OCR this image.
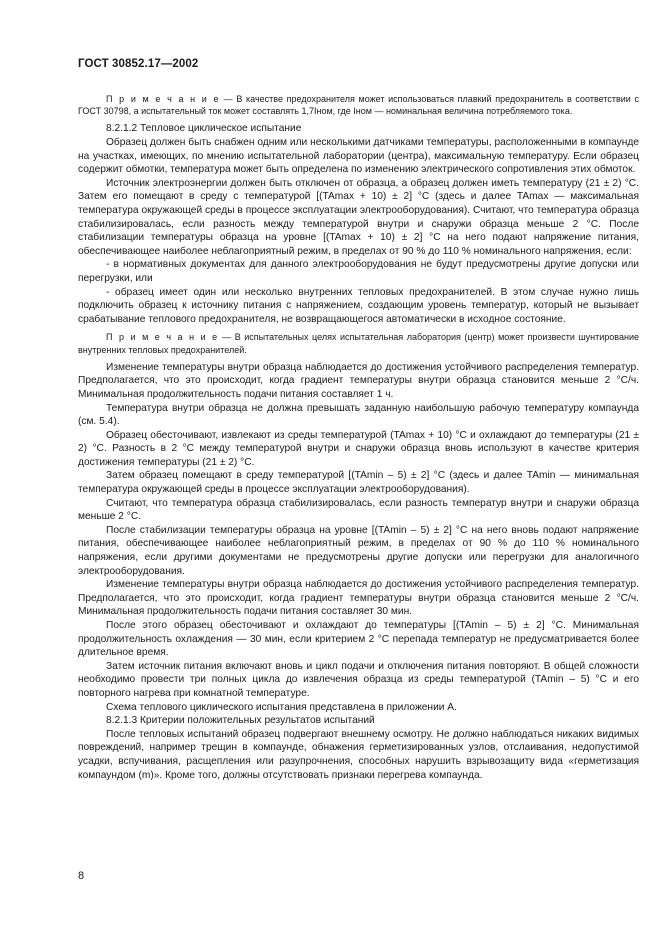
ГОСТ 30852.17—2002

П р и м е ч а н и е — В качестве предохранителя может использоваться плавкий предохранитель в соответствии с ГОСТ 30798, а испытательный ток может составлять 1,7Iном, где Iном — номинальная величина потребляемого тока.

8.2.1.2 Тепловое циклическое испытание

Образец должен быть снабжен одним или несколькими датчиками температуры, расположенными в компаунде на участках, имеющих, по мнению испытательной лаборатории (центра), максимальную температуру. Если образец содержит обмотки, температура может быть определена по изменению электрического сопротивления этих обмоток.

Источник электроэнергии должен быть отключен от образца, а образец должен иметь температуру (21 ± 2) °C. Затем его помещают в среду с температурой [(TAmax + 10) ± 2] °C (здесь и далее TAmax — максимальная температура окружающей среды в процессе эксплуатации электрооборудования). Считают, что температура образца стабилизировалась, если разность между температурой внутри и снаружи образца меньше 2 °C. После стабилизации температуры образца на уровне [(TAmax + 10) ± 2] °C на него подают напряжение питания, обеспечивающее наиболее неблагоприятный режим, в пределах от 90 % до 110 % номинального напряжения, если:

- в нормативных документах для данного электрооборудования не будут предусмотрены другие допуски или перегрузки, или

- образец имеет один или несколько внутренних тепловых предохранителей. В этом случае нужно лишь подключить образец к источнику питания с напряжением, создающим уровень температур, который не вызывает срабатывание теплового предохранителя, не возвращающегося автоматически в исходное состояние.

П р и м е ч а н и е — В испытательных целях испытательная лаборатория (центр) может произвести шунтирование внутренних тепловых предохранителей.

Изменение температуры внутри образца наблюдается до достижения устойчивого распределения температур. Предполагается, что это происходит, когда градиент температуры внутри образца становится меньше 2 °C/ч. Минимальная продолжительность подачи питания составляет 1 ч.

Температура внутри образца не должна превышать заданную наибольшую рабочую температуру компаунда (см. 5.4).

Образец обесточивают, извлекают из среды температурой (TAmax + 10) °C и охлаждают до температуры (21 ± 2) °C. Разность в 2 °C между температурой внутри и снаружи образца вновь используют в качестве критерия достижения температуры (21 ± 2) °C.

Затем образец помещают в среду температурой [(TAmin – 5) ± 2] °C (здесь и далее TAmin — минимальная температура окружающей среды в процессе эксплуатации электрооборудования).

Считают, что температура образца стабилизировалась, если разность температур внутри и снаружи образца меньше 2 °C.

После стабилизации температуры образца на уровне [(TAmin – 5) ± 2] °C на него вновь подают напряжение питания, обеспечивающее наиболее неблагоприятный режим, в пределах от 90 % до 110 % номинального напряжения, если другими документами не предусмотрены другие допуски или перегрузки для аналогичного электрооборудования.

Изменение температуры внутри образца наблюдается до достижения устойчивого распределения температур. Предполагается, что это происходит, когда градиент температуры внутри образца становится меньше 2 °C/ч. Минимальная продолжительность подачи питания составляет 30 мин.

После этого образец обесточивают и охлаждают до температуры [(TAmin – 5) ± 2] °C. Минимальная продолжительность охлаждения — 30 мин, если критерием 2 °C перепада температур не предусматривается более длительное время.

Затем источник питания включают вновь и цикл подачи и отключения питания повторяют. В общей сложности необходимо провести три полных цикла до извлечения образца из среды температурой (TAmin – 5) °C и его повторного нагрева при комнатной температуре.

Схема теплового циклического испытания представлена в приложении А.

8.2.1.3 Критерии положительных результатов испытаний

После тепловых испытаний образец подвергают внешнему осмотру. Не должно наблюдаться никаких видимых повреждений, например трещин в компаунде, обнажения герметизированных узлов, отслаивания, недопустимой усадки, вспучивания, расщепления или разупрочнения, способных нарушить взрывозащиту вида «герметизация компаундом (m)». Кроме того, должны отсутствовать признаки перегрева компаунда.

8
